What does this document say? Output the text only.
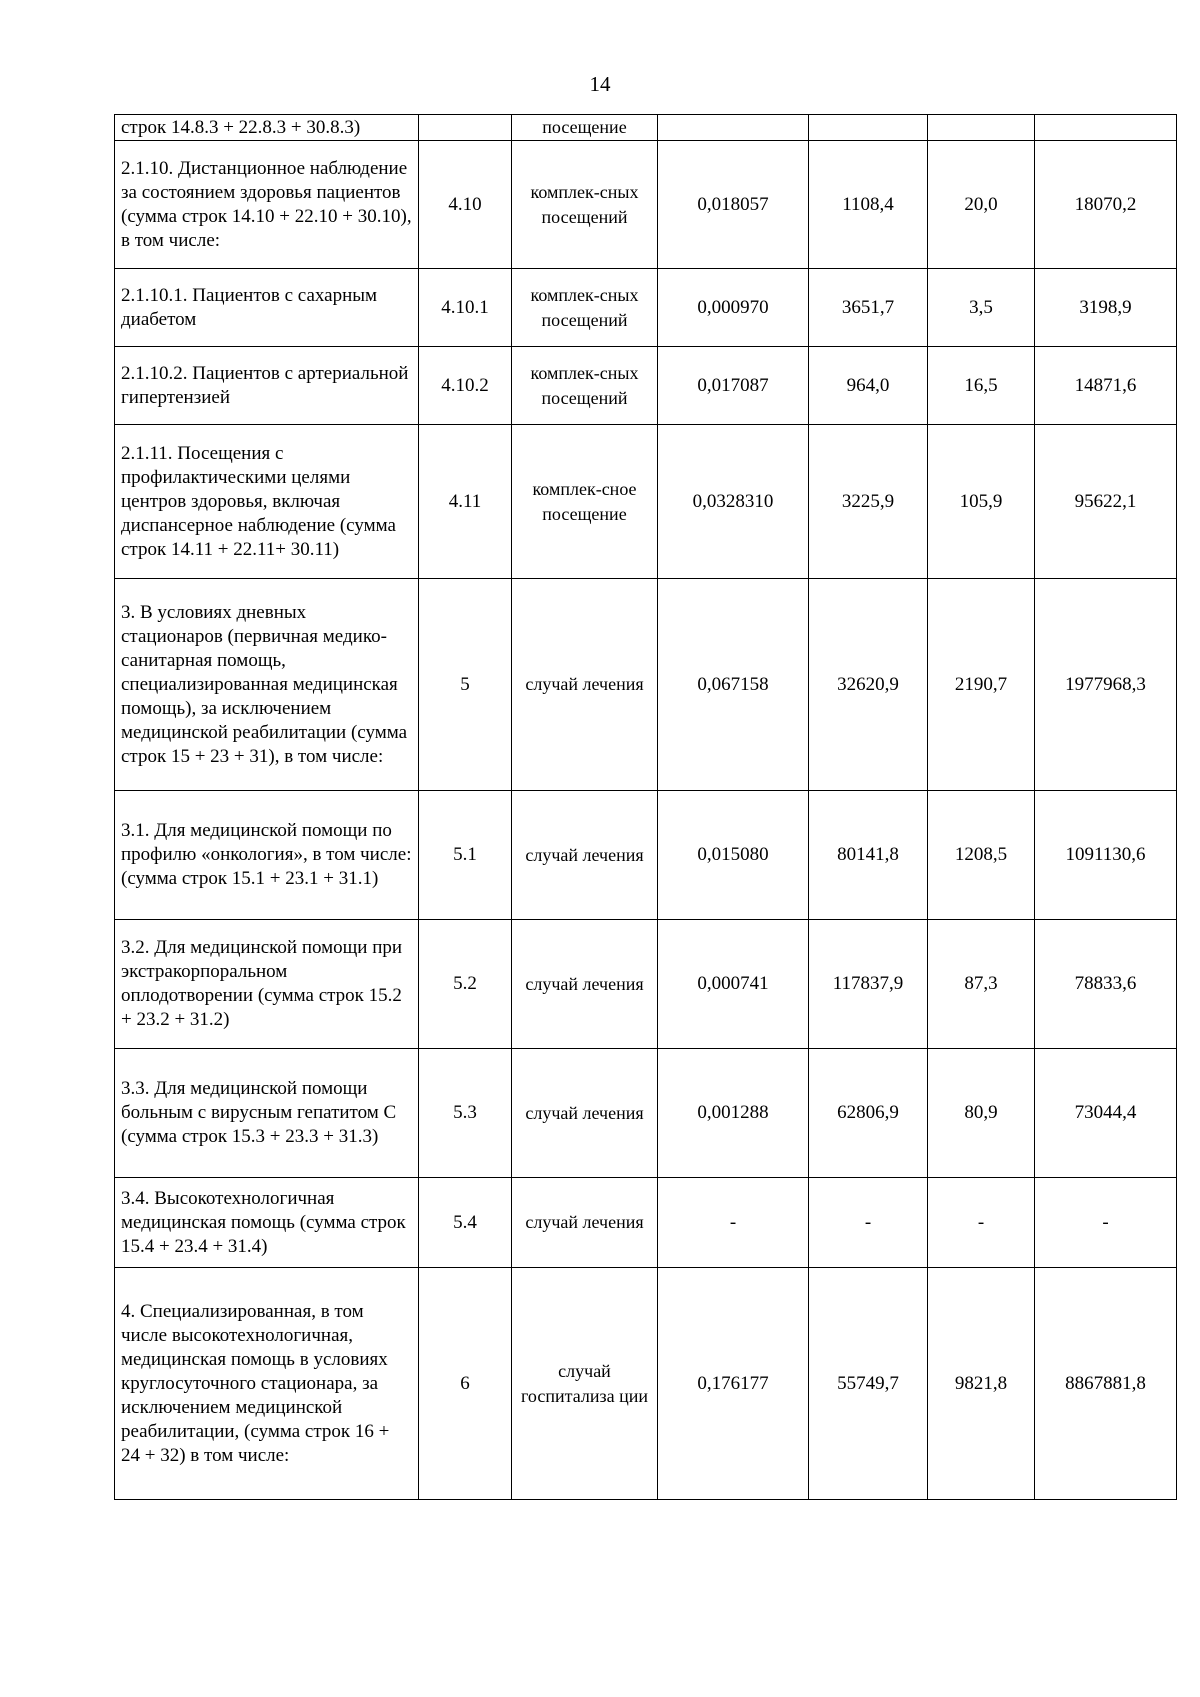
14
строк 14.8.3 + 22.8.3 + 30.8.3)		посещение				
2.1.10. Дистанционное наблюдение за состоянием здоровья пациентов (сумма строк 14.10 + 22.10 + 30.10), в том числе:	4.10	комплек-сных посещений	0,018057	1108,4	20,0	18070,2
2.1.10.1. Пациентов с сахарным диабетом	4.10.1	комплек-сных посещений	0,000970	3651,7	3,5	3198,9
2.1.10.2. Пациентов с артериальной гипертензией	4.10.2	комплек-сных посещений	0,017087	964,0	16,5	14871,6
2.1.11. Посещения с профилактическими целями центров здоровья, включая диспансерное наблюдение (сумма строк 14.11 + 22.11+ 30.11)	4.11	комплек-сное посещение	0,0328310	3225,9	105,9	95622,1
3. В условиях дневных стационаров (первичная медико-санитарная помощь, специализированная медицинская помощь), за исключением медицинской реабилитации (сумма строк 15 + 23 + 31), в том числе:	5	случай лечения	0,067158	32620,9	2190,7	1977968,3
3.1. Для медицинской помощи по профилю «онкология», в том числе: (сумма строк 15.1 + 23.1 + 31.1)	5.1	случай лечения	0,015080	80141,8	1208,5	1091130,6
3.2. Для медицинской помощи при экстракорпоральном оплодотворении (сумма строк 15.2 + 23.2 + 31.2)	5.2	случай лечения	0,000741	117837,9	87,3	78833,6
3.3. Для медицинской помощи больным с вирусным гепатитом С (сумма строк 15.3 + 23.3 + 31.3)	5.3	случай лечения	0,001288	62806,9	80,9	73044,4
3.4. Высокотехнологичная медицинская помощь (сумма строк 15.4 + 23.4 + 31.4)	5.4	случай лечения	-	-	-	-
4. Специализированная, в том числе высокотехнологичная, медицинская помощь в условиях круглосуточного стационара, за исключением медицинской реабилитации, (сумма строк 16 + 24 + 32) в том числе:	6	случай госпитализа ции	0,176177	55749,7	9821,8	8867881,8
